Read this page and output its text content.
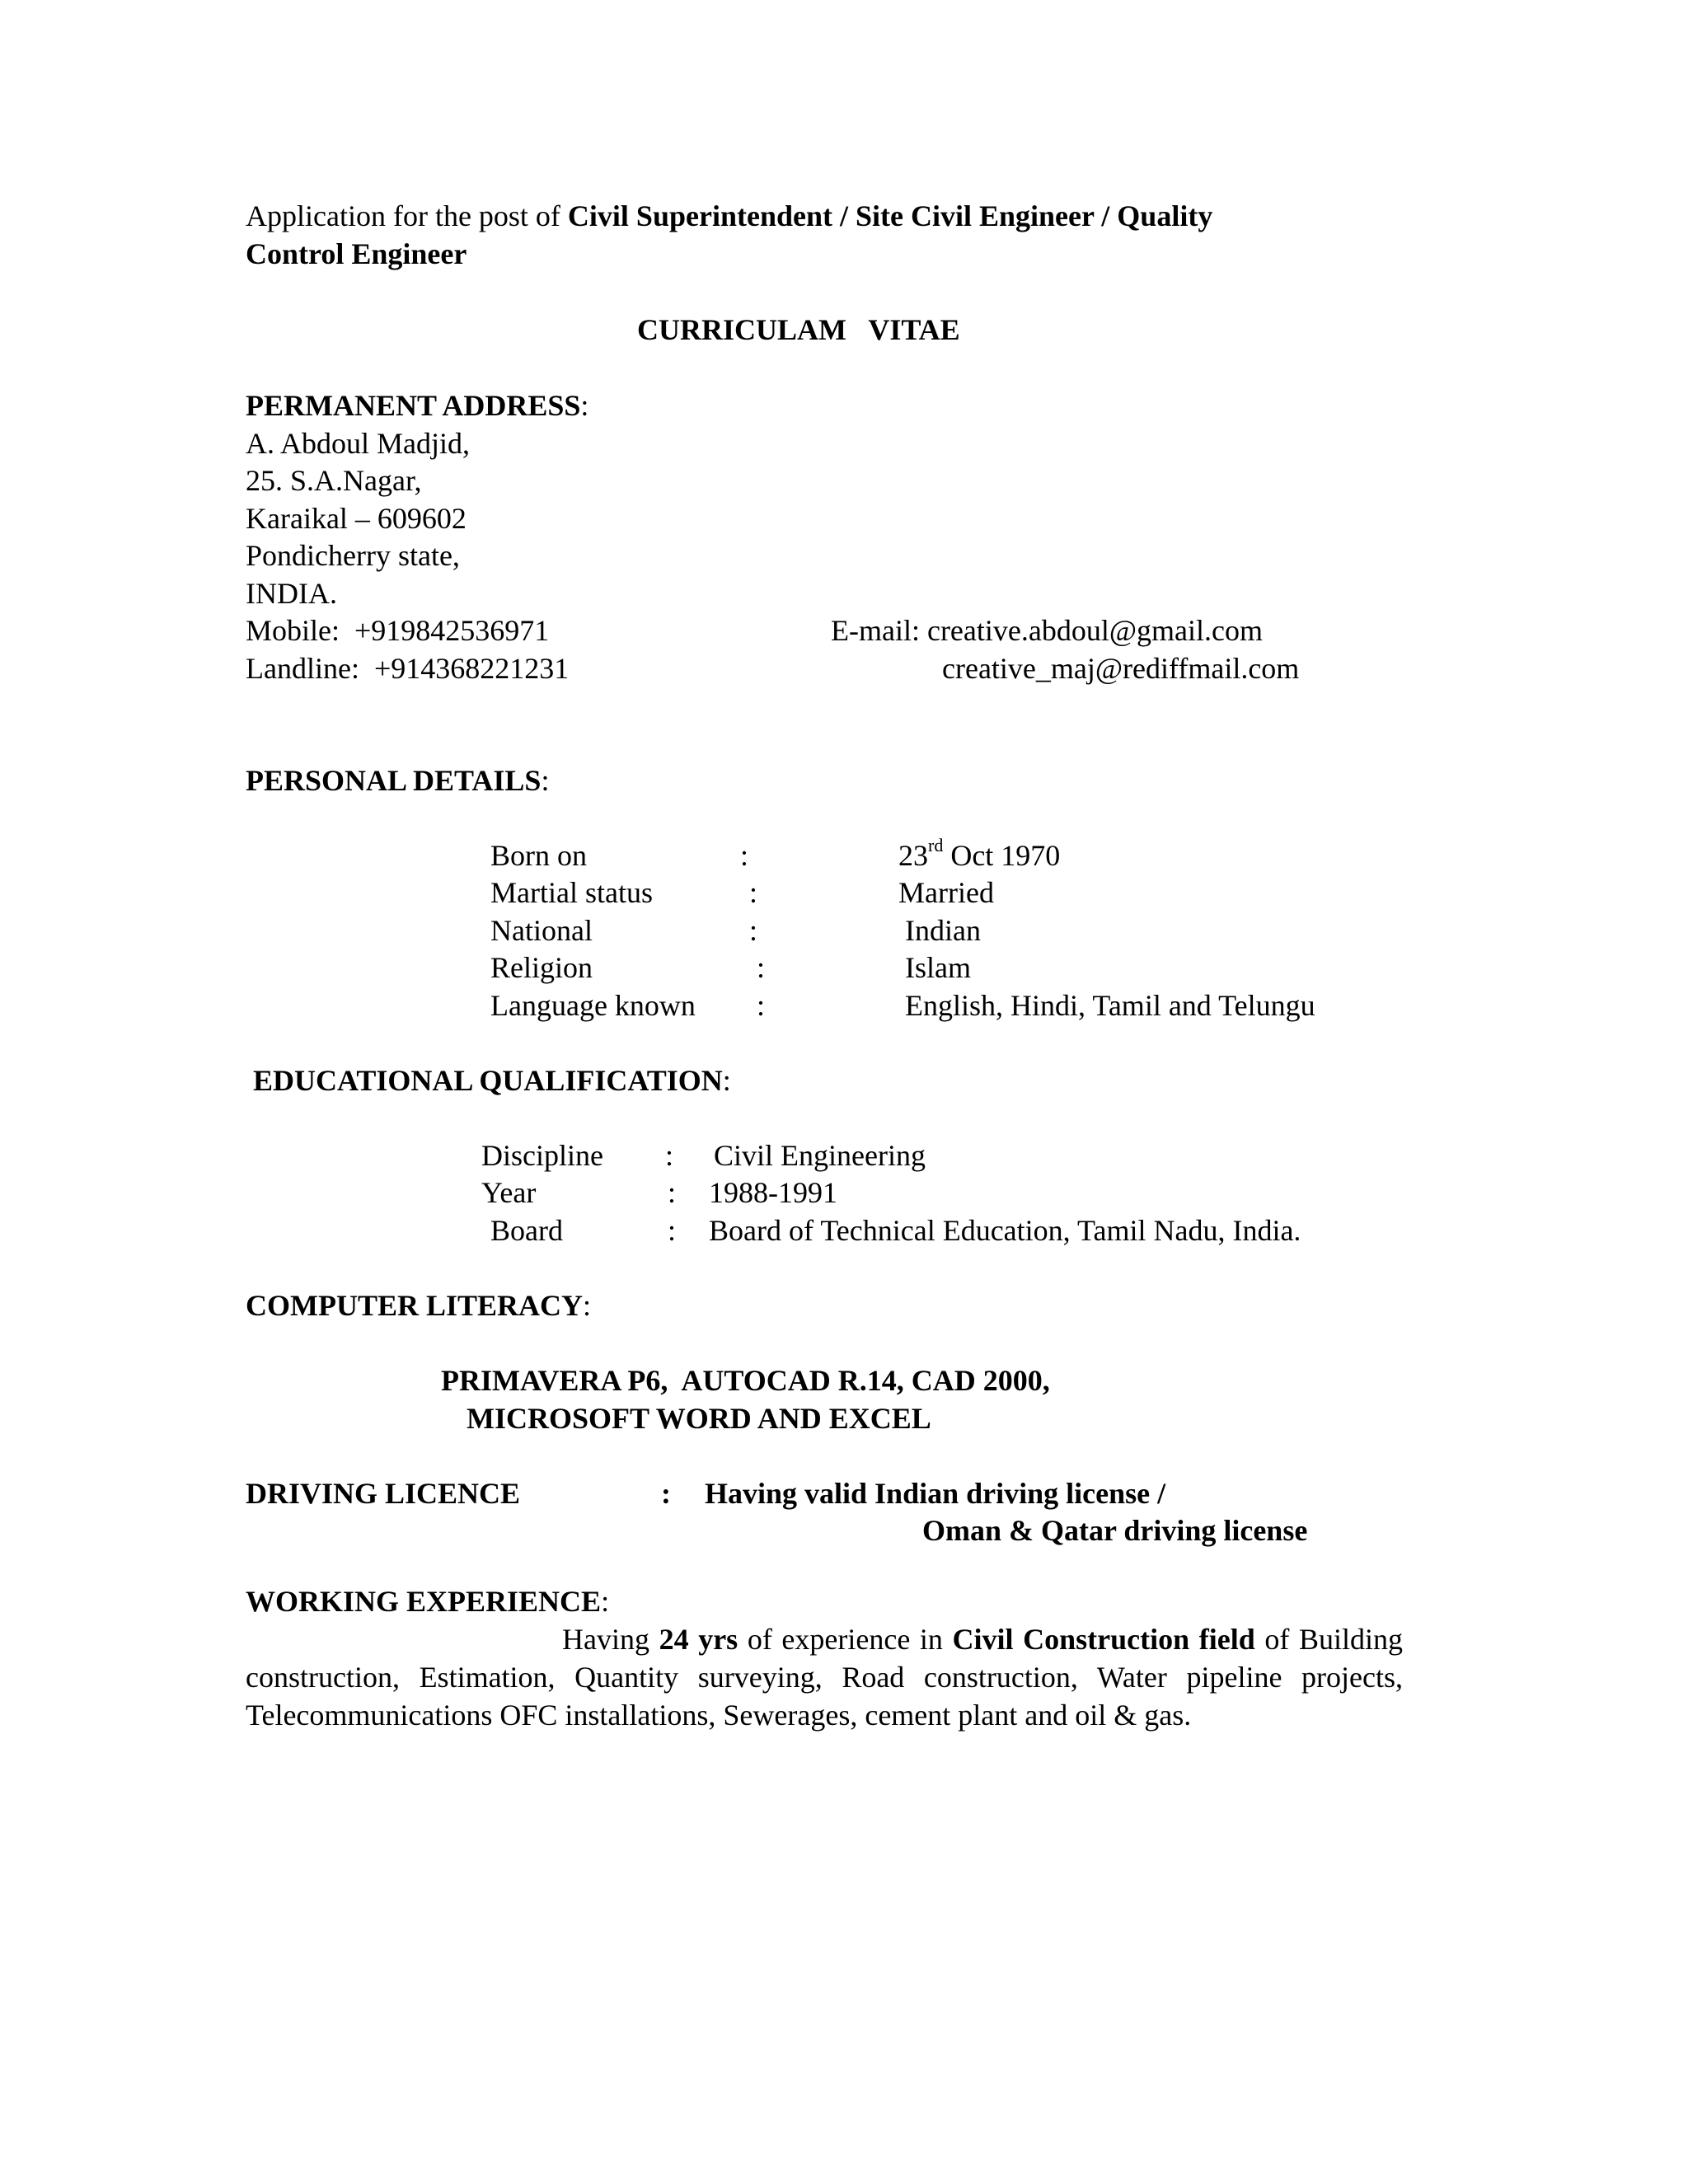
Application for the post of Civil Superintendent / Site Civil Engineer / Quality
Control Engineer
CURRICULAM   VITAE
PERMANENT ADDRESS:
A. Abdoul Madjid,
25. S.A.Nagar,
Karaikal – 609602
Pondicherry state,
INDIA.
Mobile:  +919842536971
Landline:  +914368221231
E-mail: creative.abdoul@gmail.com
creative_maj@rediffmail.com
PERSONAL DETAILS:
Born on	:	23rd Oct 1970
Martial status	:	Married
National	:	Indian
Religion	:	Islam
Language known :	English, Hindi, Tamil and Telungu
EDUCATIONAL QUALIFICATION:
Discipline : Civil Engineering
Year	: 1988-1991
Board	: Board of Technical Education, Tamil Nadu, India.
COMPUTER LITERACY:
PRIMAVERA P6,  AUTOCAD R.14, CAD 2000,
MICROSOFT WORD AND EXCEL
DRIVING LICENCE	: Having valid Indian driving license /
Oman & Qatar driving license
WORKING EXPERIENCE:
Having 24 yrs of experience in Civil Construction field of Building construction, Estimation, Quantity surveying, Road construction, Water pipeline projects, Telecommunications OFC installations, Sewerages, cement plant and oil & gas.
